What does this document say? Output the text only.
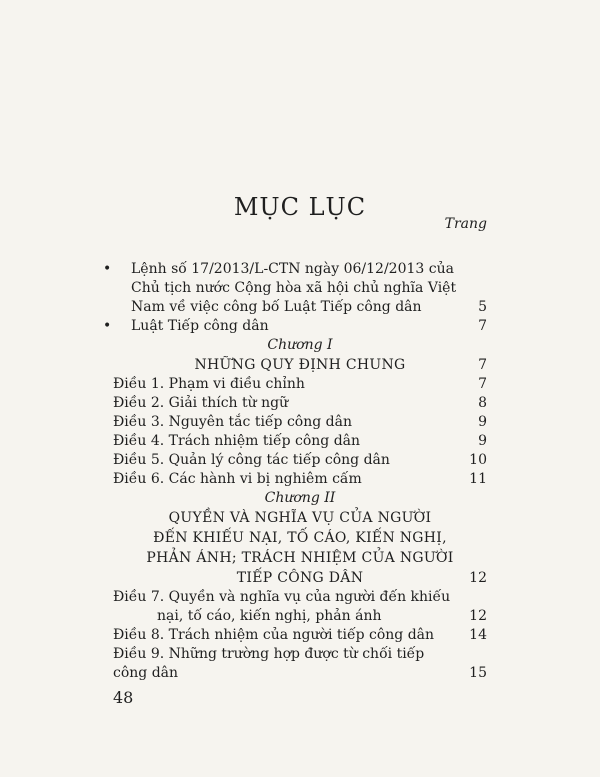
MỤC LỤC
Trang
• Lệnh số 17/2013/L-CTN ngày 06/12/2013 của Chủ tịch nước Cộng hòa xã hội chủ nghĩa Việt Nam về việc công bố Luật Tiếp công dân	5
• Luật Tiếp công dân	7
Chương I
NHỮNG QUY ĐỊNH CHUNG	7
Điều 1. Phạm vi điều chỉnh	7
Điều 2. Giải thích từ ngữ	8
Điều 3. Nguyên tắc tiếp công dân	9
Điều 4. Trách nhiệm tiếp công dân	9
Điều 5. Quản lý công tác tiếp công dân	10
Điều 6. Các hành vi bị nghiêm cấm	11
Chương II
QUYỀN VÀ NGHĨA VỤ CỦA NGƯỜI
ĐẾN KHIẾU NẠI, TỐ CÁO, KIẾN NGHỊ,
PHẢN ÁNH; TRÁCH NHIỆM CỦA NGƯỜI
TIẾP CÔNG DÂN	12
Điều 7. Quyền và nghĩa vụ của người đến khiếu
nại, tố cáo, kiến nghị, phản ánh	12
Điều 8. Trách nhiệm của người tiếp công dân	14
Điều 9. Những trường hợp được từ chối tiếp công dân	15
48
